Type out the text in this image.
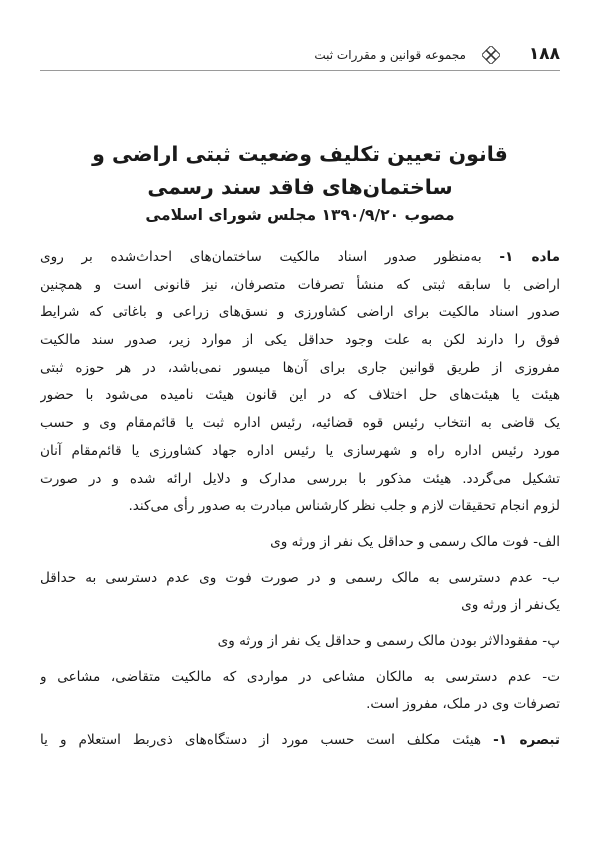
۱۸۸
مجموعه قوانین و مقررات ثبت

قانون تعیین تکلیف وضعیت ثبتی اراضی و

ساختمان‌های فاقد سند رسمی

مصوب ۱۳۹۰/۹/۲۰ مجلس شورای اسلامی
ماده ۱- به‌منظور صدور اسناد مالکیت ساختمان‌های احداث‌شده بر روی
اراضی با سابقه ثبتی که منشأ تصرفات متصرفان، نیز قانونی است و همچنین
صدور اسناد مالکیت برای اراضی کشاورزی و نسق‌های زراعی و باغاتی که شرایط
فوق را دارند لکن به علت وجود حداقل یکی از موارد زیر، صدور سند مالکیت
مفروزی از طریق قوانین جاری برای آن‌ها میسور نمی‌باشد، در هر حوزه ثبتی
هیئت یا هیئت‌های حل اختلاف که در این قانون هیئت نامیده می‌شود با حضور
یک قاضی به انتخاب رئیس قوه قضائیه، رئیس اداره ثبت یا قائم‌مقام وی و حسب
مورد رئیس اداره راه و شهرسازی یا رئیس اداره جهاد کشاورزی یا قائم‌مقام آنان
تشکیل می‌گردد. هیئت مذکور با بررسی مدارک و دلایل ارائه شده و در صورت
لزوم انجام تحقیقات لازم و جلب نظر کارشناس مبادرت به صدور رأی می‌کند.
الف- فوت مالک رسمی و حداقل یک نفر از ورثه وی
ب- عدم دسترسی به مالک رسمی و در صورت فوت وی عدم دسترسی به حداقل
یک‌نفر از ورثه وی
پ- مفقودالاثر بودن مالک رسمی و حداقل یک نفر از ورثه وی
ت- عدم دسترسی به مالکان مشاعی در مواردی که مالکیت متقاضی، مشاعی و
تصرفات وی در ملک، مفروز است.
تبصره ۱- هیئت مکلف است حسب مورد از دستگاه‌های ذی‌ربط استعلام و یا
